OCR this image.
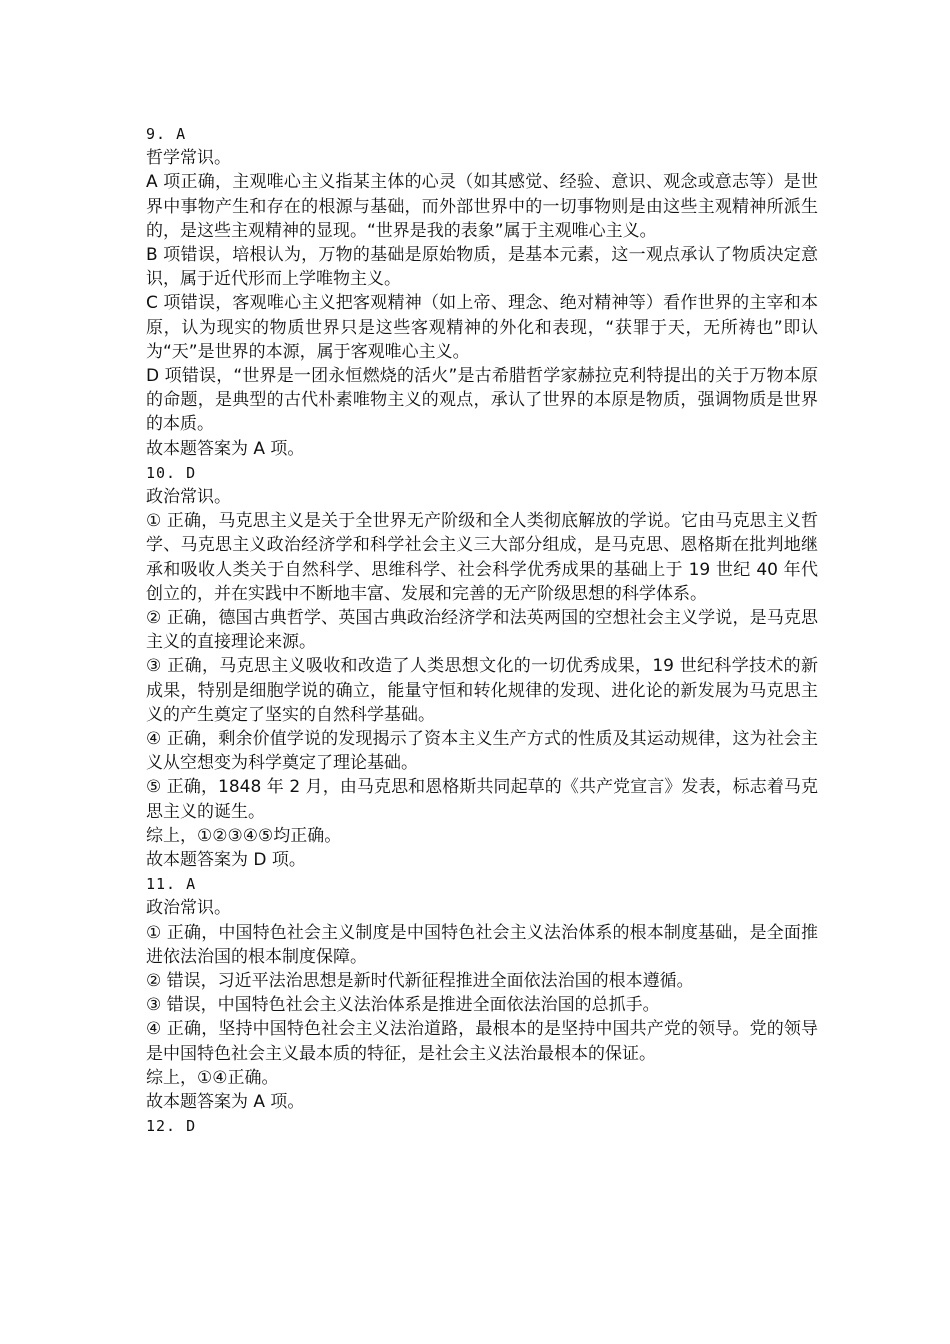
9. A

哲学常识。

A 项正确，主观唯心主义指某主体的心灵（如其感觉、经验、意识、观念或意志等）是世界中事物产生和存在的根源与基础，而外部世界中的一切事物则是由这些主观精神所派生的，是这些主观精神的显现。“世界是我的表象”属于主观唯心主义。

B 项错误，培根认为，万物的基础是原始物质，是基本元素，这一观点承认了物质决定意识，属于近代形而上学唯物主义。

C 项错误，客观唯心主义把客观精神（如上帝、理念、绝对精神等）看作世界的主宰和本原，认为现实的物质世界只是这些客观精神的外化和表现，“获罪于天，无所祷也”即认为“天”是世界的本源，属于客观唯心主义。

D 项错误，“世界是一团永恒燃烧的活火”是古希腊哲学家赫拉克利特提出的关于万物本原的命题，是典型的古代朴素唯物主义的观点，承认了世界的本原是物质，强调物质是世界的本质。

故本题答案为 A 项。

10. D

政治常识。

① 正确，马克思主义是关于全世界无产阶级和全人类彻底解放的学说。它由马克思主义哲学、马克思主义政治经济学和科学社会主义三大部分组成，是马克思、恩格斯在批判地继承和吸收人类关于自然科学、思维科学、社会科学优秀成果的基础上于 19 世纪 40 年代创立的，并在实践中不断地丰富、发展和完善的无产阶级思想的科学体系。

② 正确，德国古典哲学、英国古典政治经济学和法英两国的空想社会主义学说，是马克思主义的直接理论来源。

③ 正确，马克思主义吸收和改造了人类思想文化的一切优秀成果，19 世纪科学技术的新成果，特别是细胞学说的确立，能量守恒和转化规律的发现、进化论的新发展为马克思主义的产生奠定了坚实的自然科学基础。

④ 正确，剩余价值学说的发现揭示了资本主义生产方式的性质及其运动规律，这为社会主义从空想变为科学奠定了理论基础。

⑤ 正确，1848 年 2 月，由马克思和恩格斯共同起草的《共产党宣言》发表，标志着马克思主义的诞生。

综上，①②③④⑤均正确。

故本题答案为 D 项。

11. A

政治常识。

① 正确，中国特色社会主义制度是中国特色社会主义法治体系的根本制度基础，是全面推进依法治国的根本制度保障。

② 错误，习近平法治思想是新时代新征程推进全面依法治国的根本遵循。

③ 错误，中国特色社会主义法治体系是推进全面依法治国的总抓手。

④ 正确，坚持中国特色社会主义法治道路，最根本的是坚持中国共产党的领导。党的领导是中国特色社会主义最本质的特征，是社会主义法治最根本的保证。

综上，①④正确。

故本题答案为 A 项。

12. D
